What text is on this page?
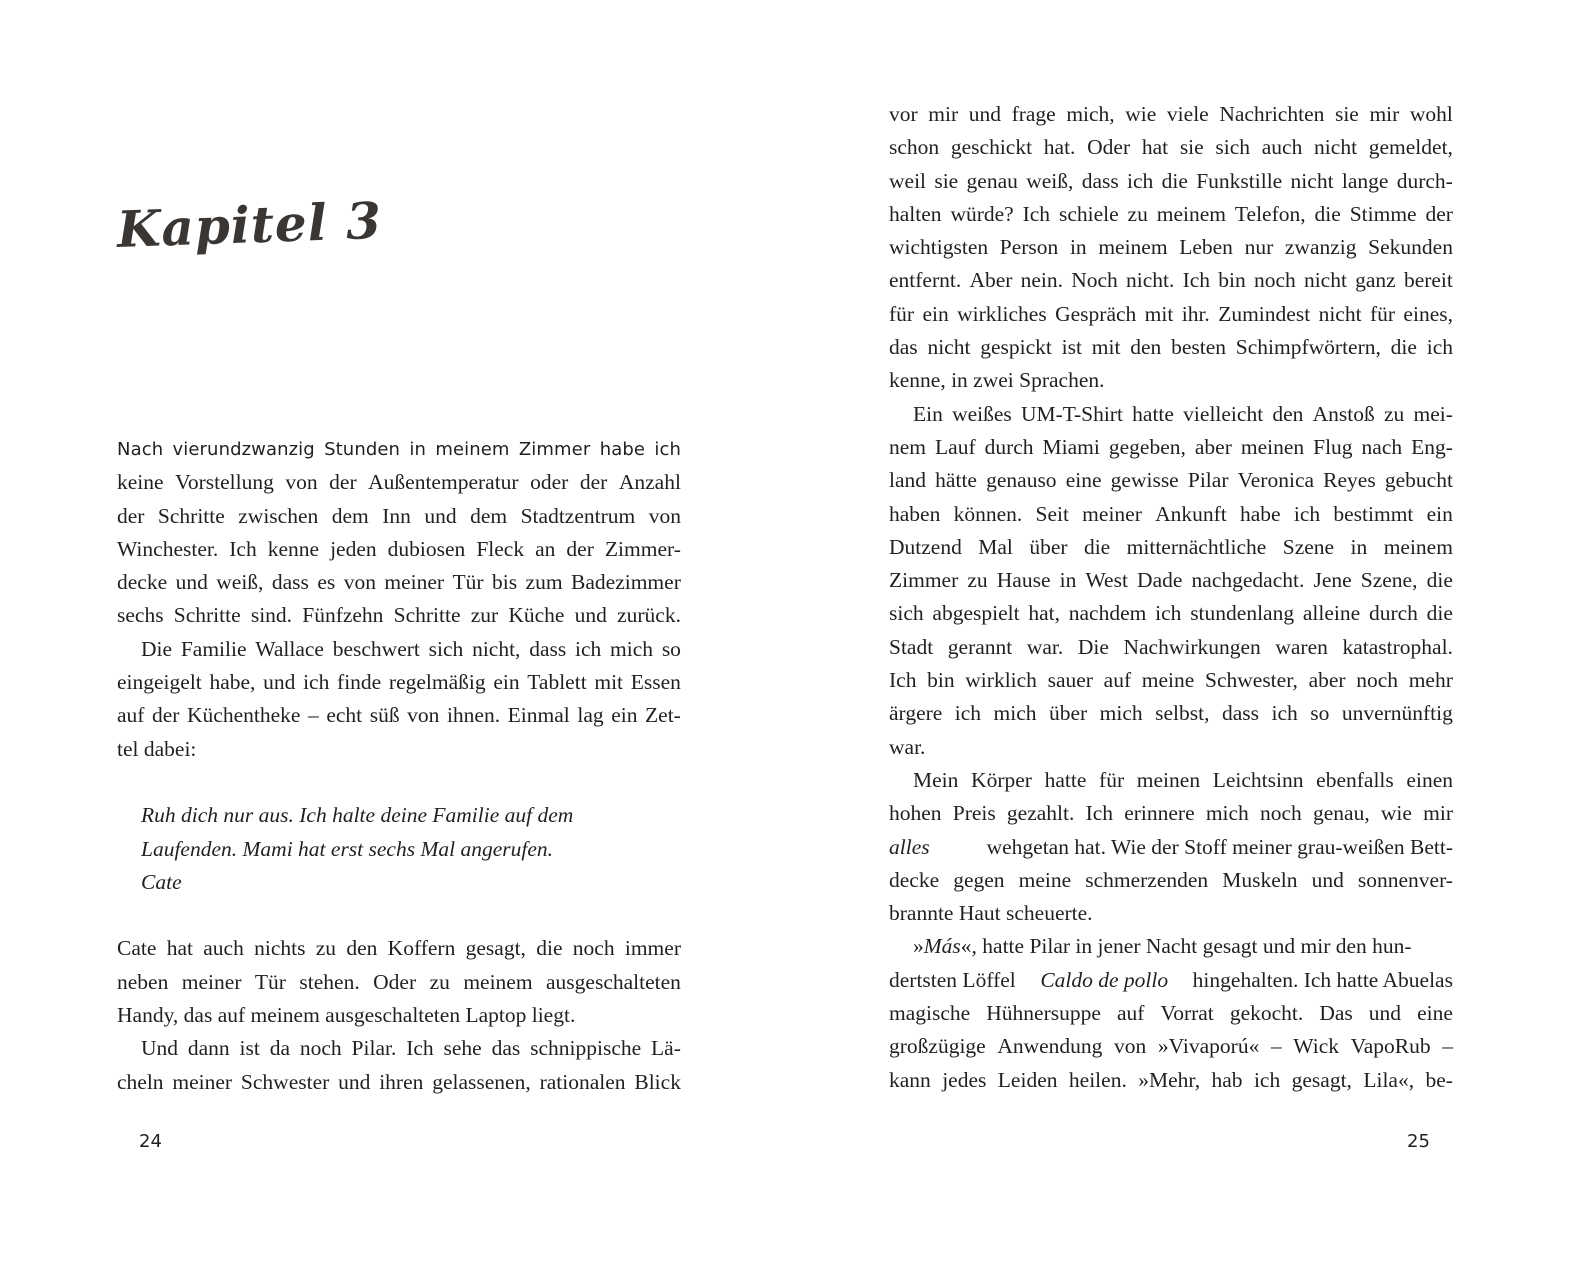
Kapitel 3
Nach vierundzwanzig Stunden in meinem Zimmer habe ich
keine Vorstellung von der Außentemperatur oder der Anzahl
der Schritte zwischen dem Inn und dem Stadtzentrum von
Winchester. Ich kenne jeden dubiosen Fleck an der Zimmer-
decke und weiß, dass es von meiner Tür bis zum Badezimmer
sechs Schritte sind. Fünfzehn Schritte zur Küche und zurück.
Die Familie Wallace beschwert sich nicht, dass ich mich so
eingeigelt habe, und ich finde regelmäßig ein Tablett mit Essen
auf der Küchentheke – echt süß von ihnen. Einmal lag ein Zet-
tel dabei:
Ruh dich nur aus. Ich halte deine Familie auf dem
Laufenden. Mami hat erst sechs Mal angerufen.
Cate
Cate hat auch nichts zu den Koffern gesagt, die noch immer
neben meiner Tür stehen. Oder zu meinem ausgeschalteten
Handy, das auf meinem ausgeschalteten Laptop liegt.
Und dann ist da noch Pilar. Ich sehe das schnippische Lä-
cheln meiner Schwester und ihren gelassenen, rationalen Blick
24
vor mir und frage mich, wie viele Nachrichten sie mir wohl
schon geschickt hat. Oder hat sie sich auch nicht gemeldet,
weil sie genau weiß, dass ich die Funkstille nicht lange durch-
halten würde? Ich schiele zu meinem Telefon, die Stimme der
wichtigsten Person in meinem Leben nur zwanzig Sekunden
entfernt. Aber nein. Noch nicht. Ich bin noch nicht ganz bereit
für ein wirkliches Gespräch mit ihr. Zumindest nicht für eines,
das nicht gespickt ist mit den besten Schimpfwörtern, die ich
kenne, in zwei Sprachen.
Ein weißes UM-T-Shirt hatte vielleicht den Anstoß zu mei-
nem Lauf durch Miami gegeben, aber meinen Flug nach Eng-
land hätte genauso eine gewisse Pilar Veronica Reyes gebucht
haben können. Seit meiner Ankunft habe ich bestimmt ein
Dutzend Mal über die mitternächtliche Szene in meinem
Zimmer zu Hause in West Dade nachgedacht. Jene Szene, die
sich abgespielt hat, nachdem ich stundenlang alleine durch die
Stadt gerannt war. Die Nachwirkungen waren katastrophal.
Ich bin wirklich sauer auf meine Schwester, aber noch mehr
ärgere ich mich über mich selbst, dass ich so unvernünftig
war.
Mein Körper hatte für meinen Leichtsinn ebenfalls einen
hohen Preis gezahlt. Ich erinnere mich noch genau, wie mir
alles	wehgetan hat. Wie der Stoff meiner grau-weißen Bett-
decke gegen meine schmerzenden Muskeln und sonnenver-
brannte Haut scheuerte.
»Más«, hatte Pilar in jener Nacht gesagt und mir den hun-
dertsten Löffel Caldo de pollo hingehalten. Ich hatte Abuelas
magische Hühnersuppe auf Vorrat gekocht. Das und eine
großzügige Anwendung von »Vivaporú« – Wick VapoRub –
kann jedes Leiden heilen. »Mehr, hab ich gesagt, Lila«, be-
25
